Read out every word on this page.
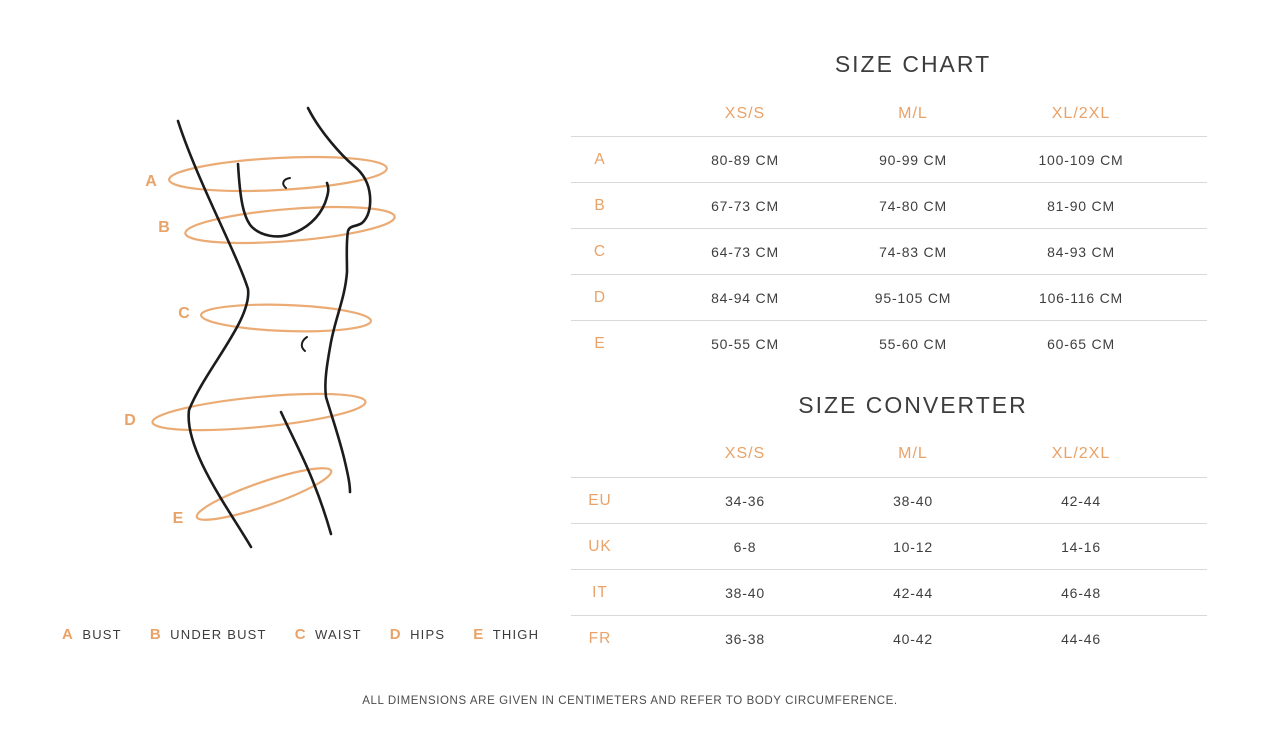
A
B
C
D
E
A BUST B UNDER BUST C WAIST D HIPS E THIGH
SIZE CHART
XS/S	M/L	XL/2XL
A	80-89 CM	90-99 CM	100-109 CM
B	67-73 CM	74-80 CM	81-90 CM
C	64-73 CM	74-83 CM	84-93 CM
D	84-94 CM	95-105 CM	106-116 CM
E	50-55 CM	55-60 CM	60-65 CM
SIZE CONVERTER
XS/S	M/L	XL/2XL
EU	34-36	38-40	42-44
UK	6-8	10-12	14-16
IT	38-40	42-44	46-48
FR	36-38	40-42	44-46
ALL DIMENSIONS ARE GIVEN IN CENTIMETERS AND REFER TO BODY CIRCUMFERENCE.
